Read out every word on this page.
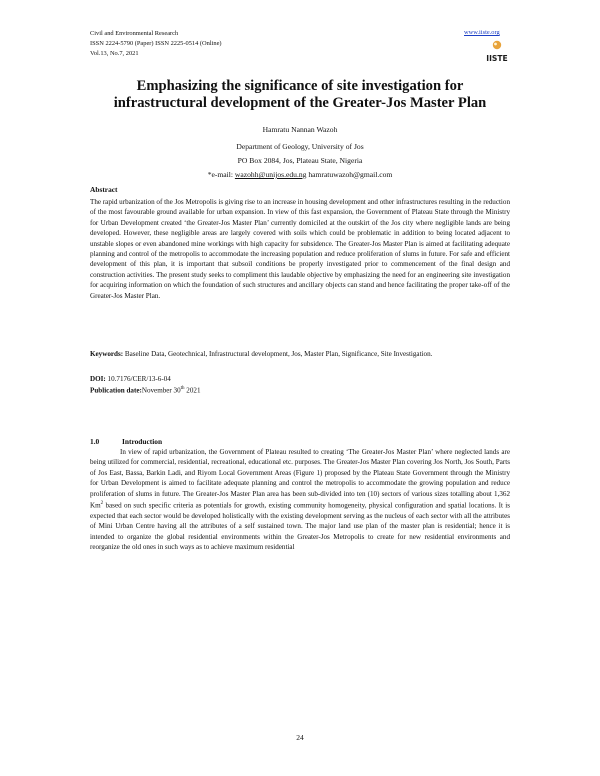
Civil and Environmental Research
ISSN 2224-5790 (Paper) ISSN 2225-0514 (Online)
Vol.13, No.7, 2021
www.iiste.org
IISTE
Emphasizing the significance of site investigation for
infrastructural development of the Greater-Jos Master Plan
Hamratu Nannan Wazoh
Department of Geology, University of Jos
PO Box 2084, Jos, Plateau State, Nigeria
*e-mail: wazohh@unijos.edu.ng hamratuwazoh@gmail.com
Abstract

The rapid urbanization of the Jos Metropolis is giving rise to an increase in housing development and other infrastructures resulting in the reduction of the most favourable ground available for urban expansion. In view of this fast expansion, the Government of Plateau State through the Ministry for Urban Development created ‘the Greater-Jos Master Plan’ currently domiciled at the outskirt of the Jos city where negligible lands are being developed. However, these negligible areas are largely covered with soils which could be problematic in addition to being located adjacent to unstable slopes or even abandoned mine workings with high capacity for subsidence. The Greater-Jos Master Plan is aimed at facilitating adequate planning and control of the metropolis to accommodate the increasing population and reduce proliferation of slums in future. For safe and efficient development of this plan, it is important that subsoil conditions be properly investigated prior to commencement of the final design and construction activities. The present study seeks to compliment this laudable objective by emphasizing the need for an engineering site investigation for acquiring information on which the foundation of such structures and ancillary objects can stand and hence facilitating the proper take-off of the Greater-Jos Master Plan.

Keywords: Baseline Data, Geotechnical, Infrastructural development, Jos, Master Plan, Significance, Site Investigation.
DOI: 10.7176/CER/13-6-04
Publication date:November 30th 2021
1.0	Introduction

In view of rapid urbanization, the Government of Plateau resulted to creating ‘The Greater-Jos Master Plan’ where neglected lands are being utilized for commercial, residential, recreational, educational etc. purposes. The Greater-Jos Master Plan covering Jos North, Jos South, Parts of Jos East, Bassa, Barkin Ladi, and Riyom Local Government Areas (Figure 1) proposed by the Plateau State Government through the Ministry for Urban Development is aimed to facilitate adequate planning and control the metropolis to accommodate the growing population and reduce proliferation of slums in future. The Greater-Jos Master Plan area has been sub-divided into ten (10) sectors of various sizes totalling about 1,362 Km$^2$ based on such specific criteria as potentials for growth, existing community homogeneity, physical configuration and spatial locations. It is expected that each sector would be developed holistically with the existing development serving as the nucleus of each sector with all the attributes of Mini Urban Centre having all the attributes of a self sustained town. The major land use plan of the master plan is residential; hence it is intended to organize the global residential environments within the Greater-Jos Metropolis to create for new residential environments and reorganize the old ones in such ways as to achieve maximum residential

24
